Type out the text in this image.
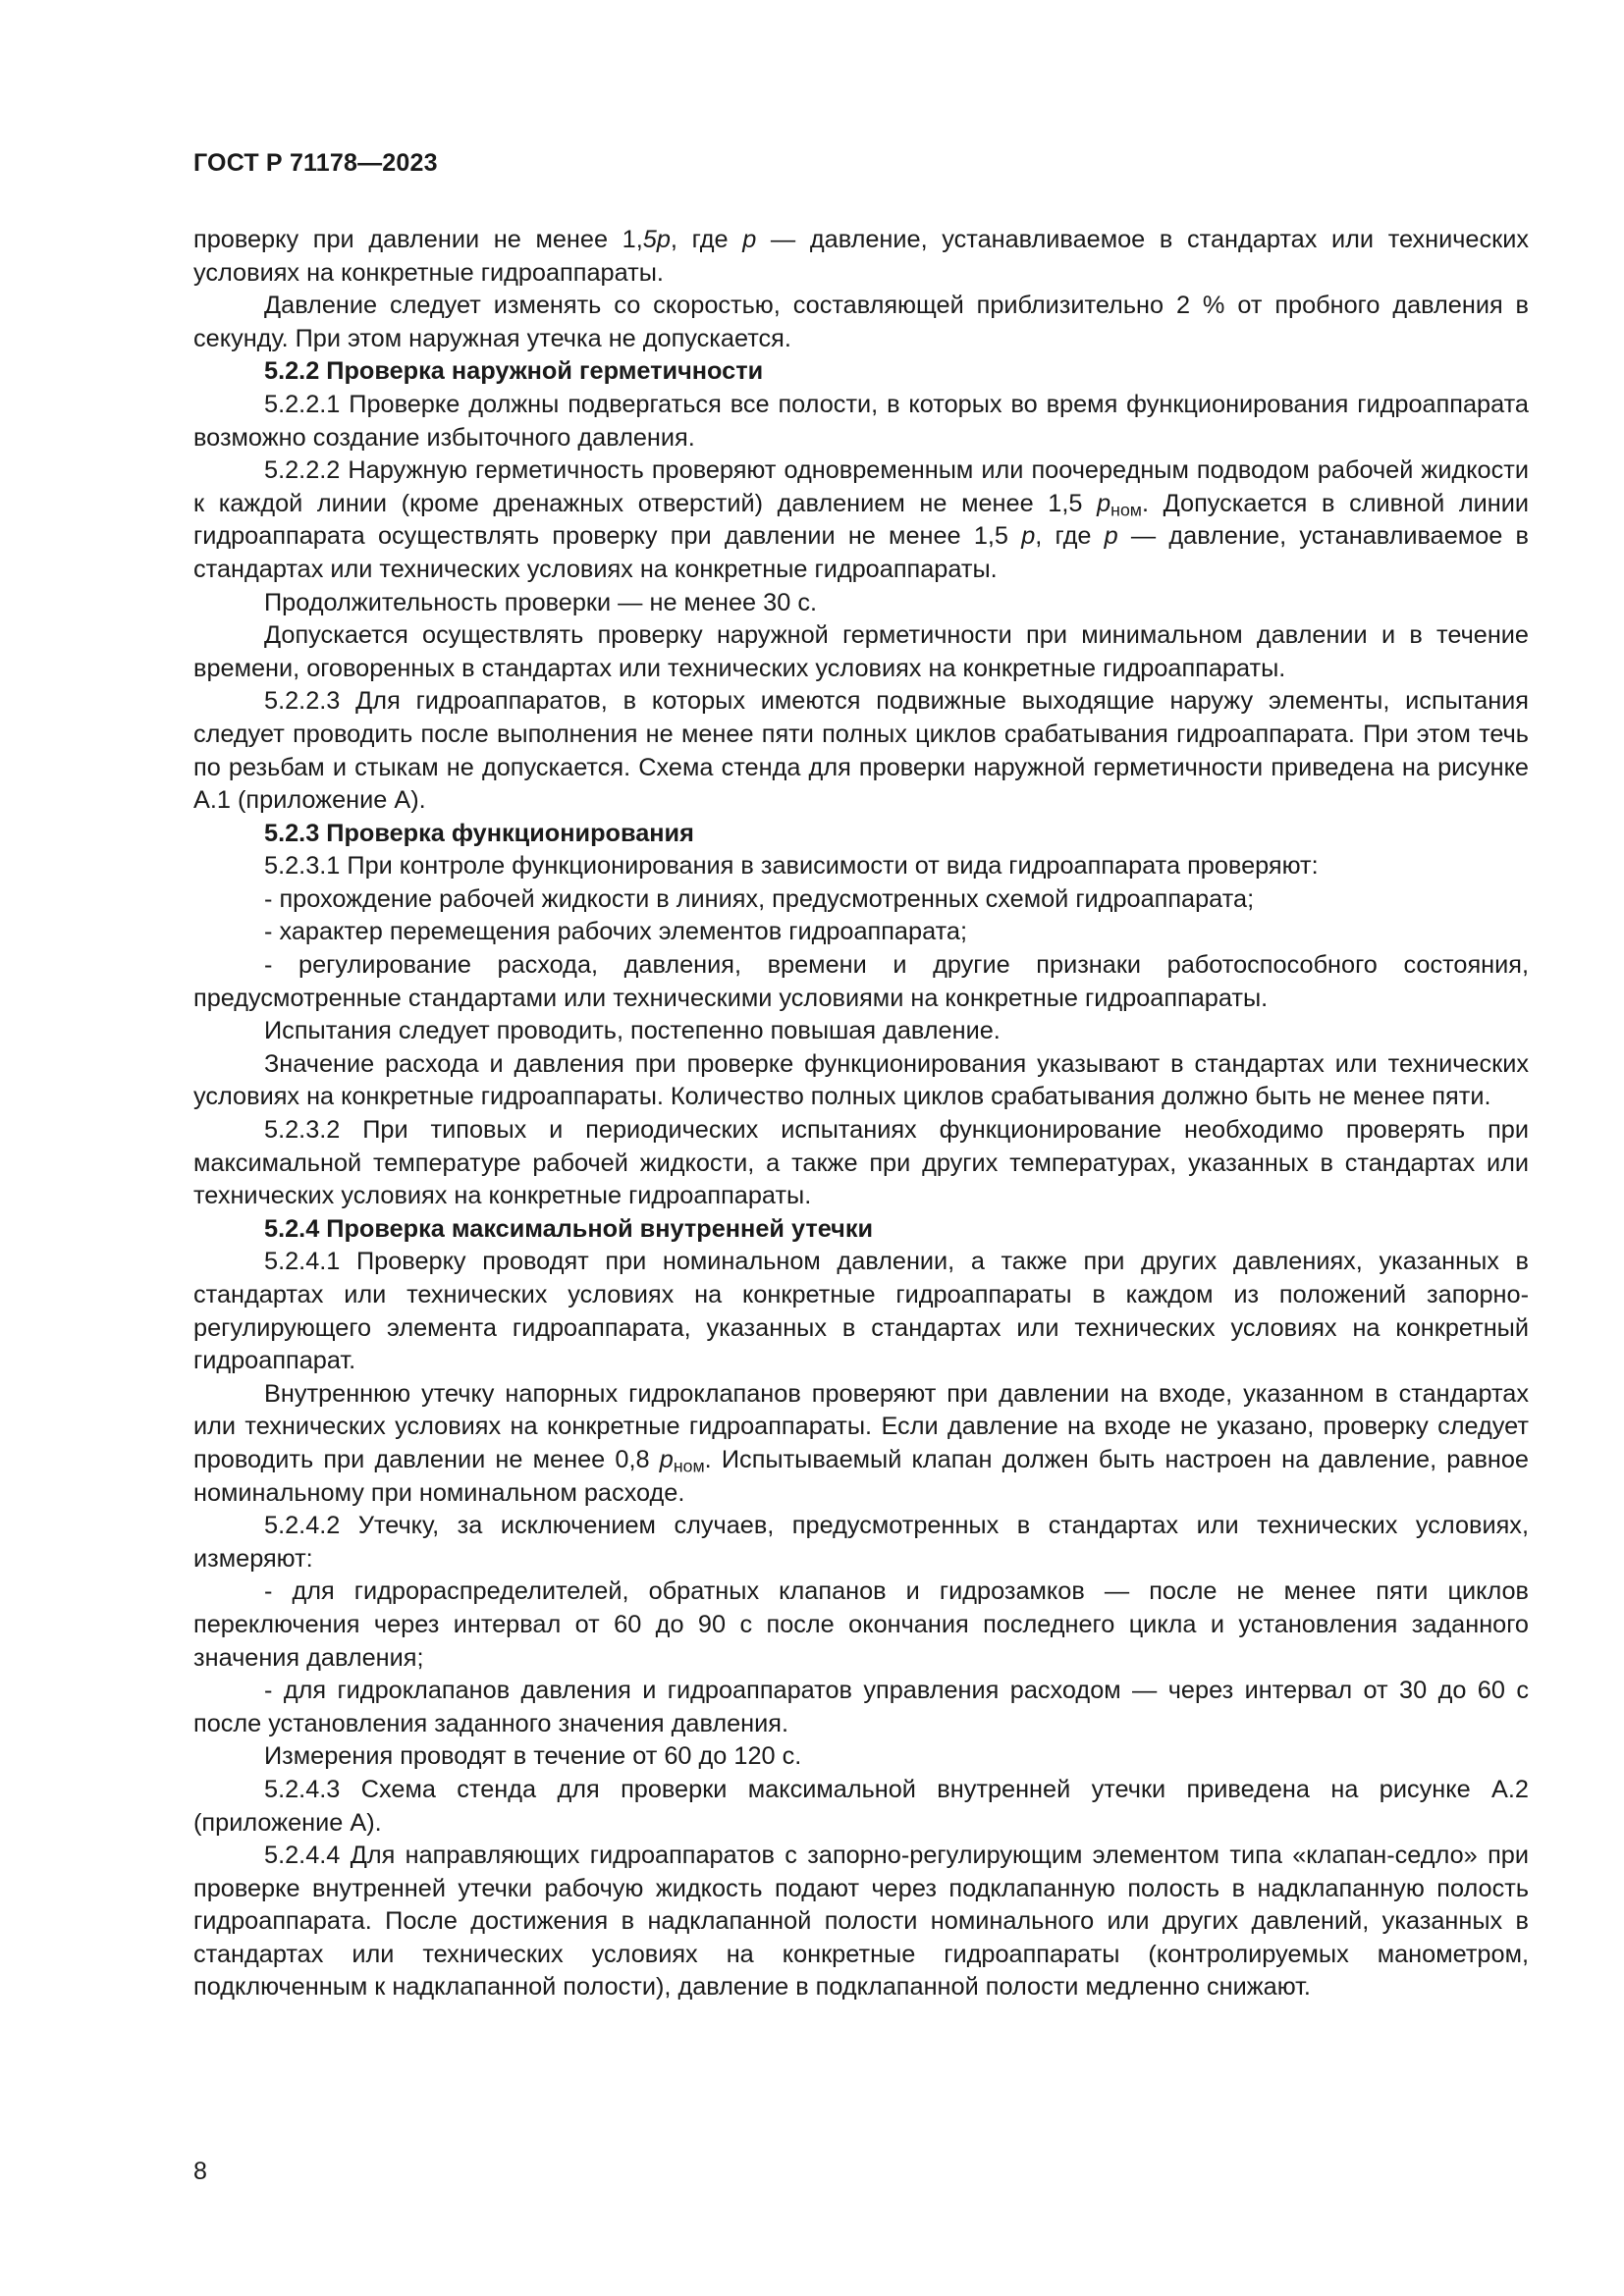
ГОСТ Р 71178—2023

проверку при давлении не менее 1,5p, где p — давление, устанавливаемое в стандартах или технических условиях на конкретные гидроаппараты.

Давление следует изменять со скоростью, составляющей приблизительно 2 % от пробного давления в секунду. При этом наружная утечка не допускается.

5.2.2 Проверка наружной герметичности

5.2.2.1 Проверке должны подвергаться все полости, в которых во время функционирования гидроаппарата возможно создание избыточного давления.

5.2.2.2 Наружную герметичность проверяют одновременным или поочередным подводом рабочей жидкости к каждой линии (кроме дренажных отверстий) давлением не менее 1,5 $p_{ном}$. Допускается в сливной линии гидроаппарата осуществлять проверку при давлении не менее 1,5 p, где p — давление, устанавливаемое в стандартах или технических условиях на конкретные гидроаппараты.

Продолжительность проверки — не менее 30 с.

Допускается осуществлять проверку наружной герметичности при минимальном давлении и в течение времени, оговоренных в стандартах или технических условиях на конкретные гидроаппараты.

5.2.2.3 Для гидроаппаратов, в которых имеются подвижные выходящие наружу элементы, испытания следует проводить после выполнения не менее пяти полных циклов срабатывания гидроаппарата. При этом течь по резьбам и стыкам не допускается. Схема стенда для проверки наружной герметичности приведена на рисунке А.1 (приложение А).

5.2.3 Проверка функционирования

5.2.3.1 При контроле функционирования в зависимости от вида гидроаппарата проверяют:

- прохождение рабочей жидкости в линиях, предусмотренных схемой гидроаппарата;

- характер перемещения рабочих элементов гидроаппарата;

- регулирование расхода, давления, времени и другие признаки работоспособного состояния, предусмотренные стандартами или техническими условиями на конкретные гидроаппараты.

Испытания следует проводить, постепенно повышая давление.

Значение расхода и давления при проверке функционирования указывают в стандартах или технических условиях на конкретные гидроаппараты. Количество полных циклов срабатывания должно быть не менее пяти.

5.2.3.2 При типовых и периодических испытаниях функционирование необходимо проверять при максимальной температуре рабочей жидкости, а также при других температурах, указанных в стандартах или технических условиях на конкретные гидроаппараты.

5.2.4 Проверка максимальной внутренней утечки

5.2.4.1 Проверку проводят при номинальном давлении, а также при других давлениях, указанных в стандартах или технических условиях на конкретные гидроаппараты в каждом из положений запорно-регулирующего элемента гидроаппарата, указанных в стандартах или технических условиях на конкретный гидроаппарат.

Внутреннюю утечку напорных гидроклапанов проверяют при давлении на входе, указанном в стандартах или технических условиях на конкретные гидроаппараты. Если давление на входе не указано, проверку следует проводить при давлении не менее 0,8 $p_{ном}$. Испытываемый клапан должен быть настроен на давление, равное номинальному при номинальном расходе.

5.2.4.2 Утечку, за исключением случаев, предусмотренных в стандартах или технических условиях, измеряют:

- для гидрораспределителей, обратных клапанов и гидрозамков — после не менее пяти циклов переключения через интервал от 60 до 90 с после окончания последнего цикла и установления заданного значения давления;

- для гидроклапанов давления и гидроаппаратов управления расходом — через интервал от 30 до 60 с после установления заданного значения давления.

Измерения проводят в течение от 60 до 120 с.

5.2.4.3 Схема стенда для проверки максимальной внутренней утечки приведена на рисунке А.2 (приложение А).

5.2.4.4 Для направляющих гидроаппаратов с запорно-регулирующим элементом типа «клапан-седло» при проверке внутренней утечки рабочую жидкость подают через подклапанную полость в надклапанную полость гидроаппарата. После достижения в надклапанной полости номинального или других давлений, указанных в стандартах или технических условиях на конкретные гидроаппараты (контролируемых манометром, подключенным к надклапанной полости), давление в подклапанной полости медленно снижают.

8
